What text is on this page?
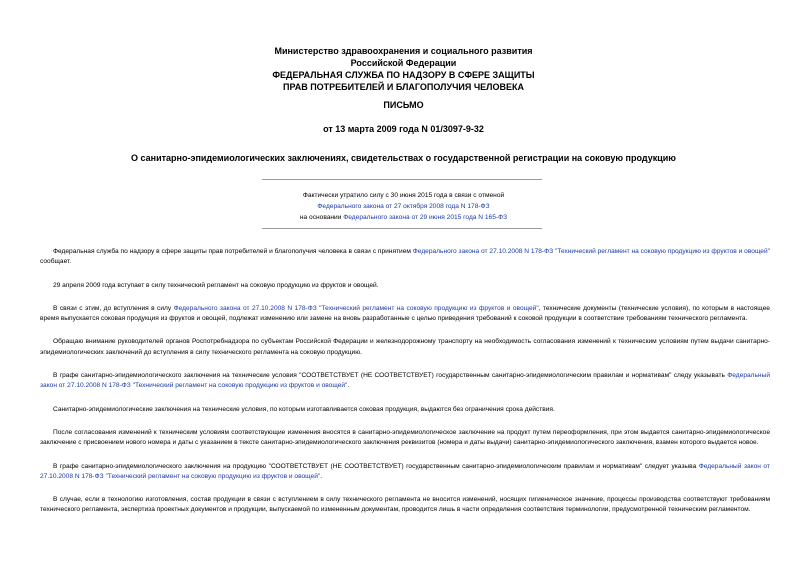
Министерство здравоохранения и социального развития
Российской Федерации
ФЕДЕРАЛЬНАЯ СЛУЖБА ПО НАДЗОРУ В СФЕРЕ ЗАЩИТЫ
ПРАВ ПОТРЕБИТЕЛЕЙ И БЛАГОПОЛУЧИЯ ЧЕЛОВЕКА
ПИСЬМО
от 13 марта 2009 года N 01/3097-9-32
О санитарно-эпидемиологических заключениях, свидетельствах о государственной регистрации на соковую продукцию
Фактически утратило силу с 30 июня 2015 года в связи с отменой
Федерального закона от 27 октября 2008 года N 178-ФЗ
на основании Федерального закона от 29 июня 2015 года N 165-ФЗ

Федеральная служба по надзору в сфере защиты прав потребителей и благополучия человека в связи с принятием Федерального закона от 27.10.2008 N 178-ФЗ "Технический регламент на соковую продукцию из фруктов и овощей" сообщает.

29 апреля 2009 года вступает в силу технический регламент на соковую продукцию из фруктов и овощей.

В связи с этим, до вступления в силу Федерального закона от 27.10.2008 N 178-ФЗ "Технический регламент на соковую продукцию из фруктов и овощей", технические документы (технические условия), по которым в настоящее время выпускается соковая продукция из фруктов и овощей, подлежат изменению или замене на вновь разработанные с целью приведения требований к соковой продукции в соответствие требованиям технического регламента.

Обращаю внимание руководителей органов Роспотребнадзора по субъектам Российской Федерации и железнодорожному транспорту на необходимость согласования изменений к техническим условиям путем выдачи санитарно-эпидемиологических заключений до вступления в силу технического регламента на соковую продукцию.

В графе санитарно-эпидемиологического заключения на технические условия "СООТВЕТСТВУЕТ (НЕ СООТВЕТСТВУЕТ) государственным санитарно-эпидемиологическим правилам и нормативам" следу указывать Федеральный закон от 27.10.2008 N 178-ФЗ "Технический регламент на соковую продукцию из фруктов и овощей".

Санитарно-эпидемиологические заключения на технические условия, по которым изготавливается соковая продукция, выдаются без ограничения срока действия.

После согласования изменений к техническим условиям соответствующие изменения вносятся в санитарно-эпидемиологическое заключение на продукт путем переоформления, при этом выдается санитарно-эпидемиологическое заключение с присвоением нового номера и даты с указанием в тексте санитарно-эпидемиологического заключения реквизитов (номера и даты выдачи) санитарно-эпидемиологического заключения, взамен которого выдается новое.

В графе санитарно-эпидемиологического заключения на продукцию "СООТВЕТСТВУЕТ (НЕ СООТВЕТСТВУЕТ) государственным санитарно-эпидемиологическим правилам и нормативам" следует указыва Федеральный закон от 27.10.2008 N 178-ФЗ "Технический регламент на соковую продукцию из фруктов и овощей".

В случае, если в технологию изготовления, состав продукции в связи с вступлением в силу технического регламента не вносится изменений, носящих гигиеническое значение, процессы производства соответствуют требованиям технического регламента, экспертиза проектных документов и продукции, выпускаемой по измененным документам, проводится лишь в части определения соответствия терминологии, предусмотренной техническим регламентом.
